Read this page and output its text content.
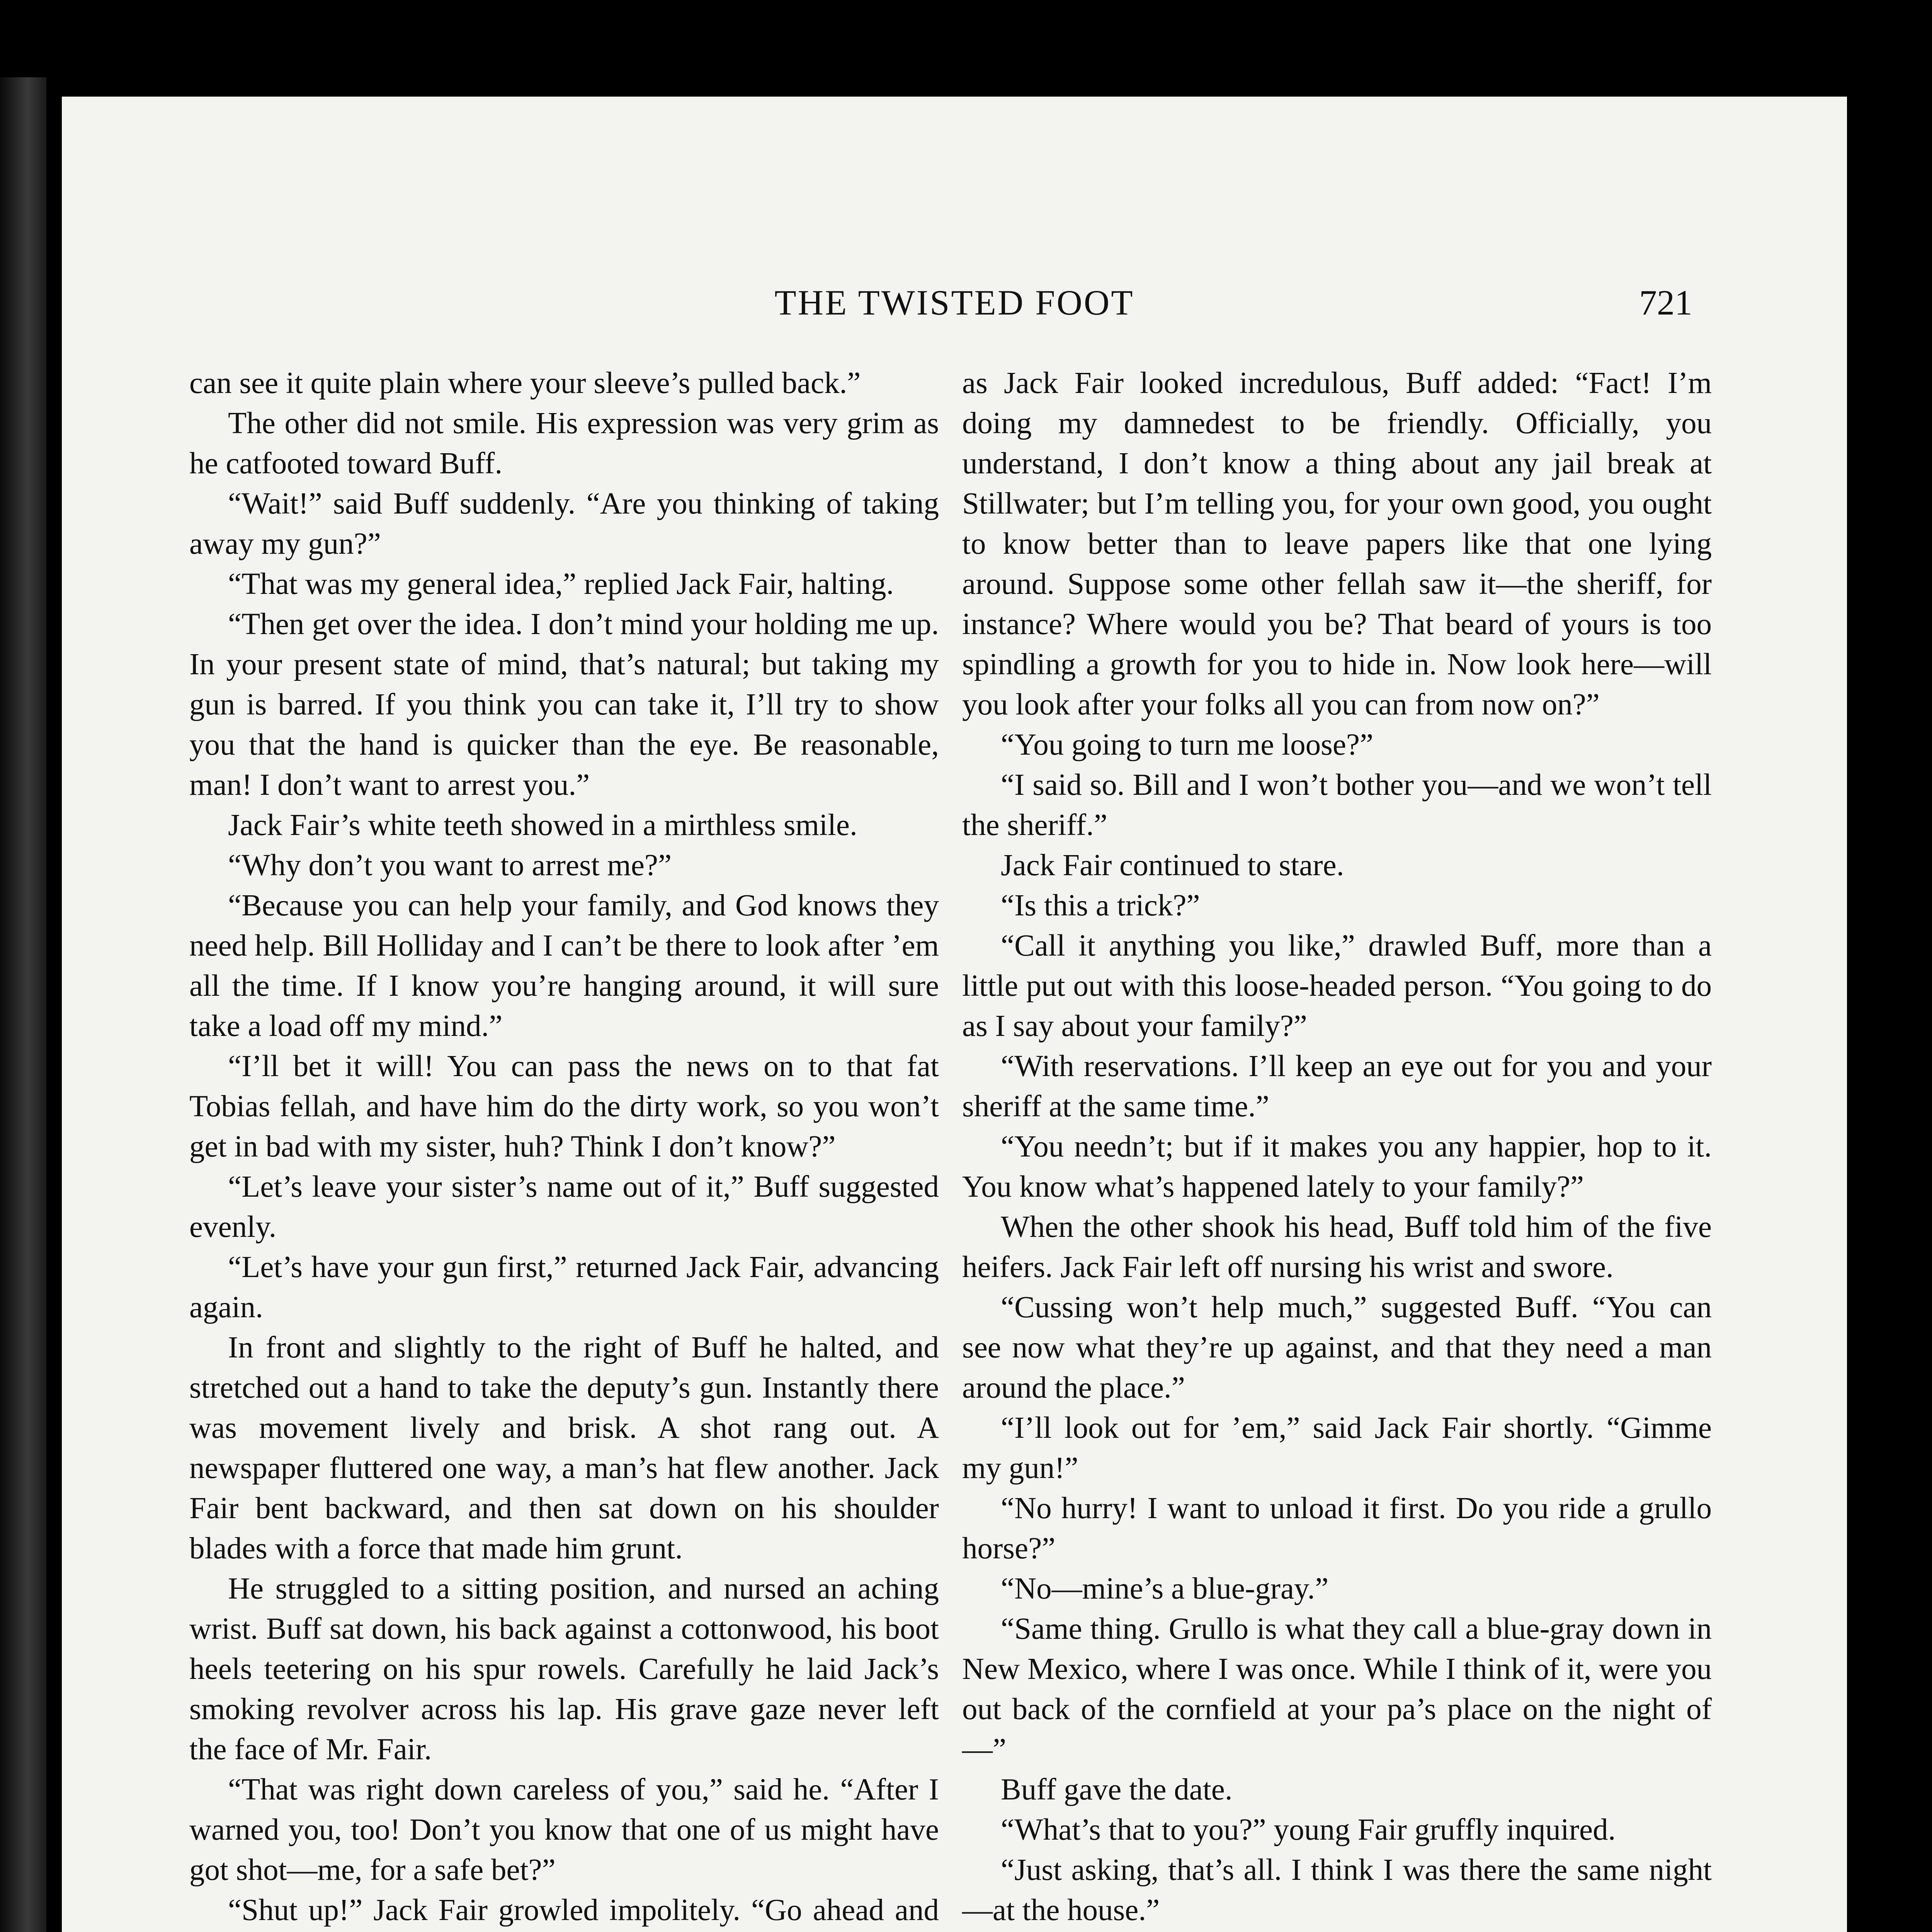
THE TWISTED FOOT	721

can see it quite plain where your sleeve’s pulled back.”

The other did not smile. His expression was very grim as he catfooted toward Buff.

“Wait!” said Buff suddenly. “Are you thinking of taking away my gun?”

“That was my general idea,” replied Jack Fair, halting.

“Then get over the idea. I don’t mind your holding me up. In your present state of mind, that’s natural; but taking my gun is barred. If you think you can take it, I’ll try to show you that the hand is quicker than the eye. Be reasonable, man! I don’t want to arrest you.”

Jack Fair’s white teeth showed in a mirthless smile.

“Why don’t you want to arrest me?”

“Because you can help your family, and God knows they need help. Bill Holliday and I can’t be there to look after ’em all the time. If I know you’re hanging around, it will sure take a load off my mind.”

“I’ll bet it will! You can pass the news on to that fat Tobias fellah, and have him do the dirty work, so you won’t get in bad with my sister, huh? Think I don’t know?”

“Let’s leave your sister’s name out of it,” Buff suggested evenly.

“Let’s have your gun first,” returned Jack Fair, advancing again.

In front and slightly to the right of Buff he halted, and stretched out a hand to take the deputy’s gun. Instantly there was movement lively and brisk. A shot rang out. A newspaper fluttered one way, a man’s hat flew another. Jack Fair bent backward, and then sat down on his shoulder blades with a force that made him grunt.

He struggled to a sitting position, and nursed an aching wrist. Buff sat down, his back against a cottonwood, his boot heels teetering on his spur rowels. Carefully he laid Jack’s smoking revolver across his lap. His grave gaze never left the face of Mr. Fair.

“That was right down careless of you,” said he. “After I warned you, too! Don’t you know that one of us might have got shot—me, for a safe bet?”

“Shut up!” Jack Fair growled impolitely. “Go ahead and

as Jack Fair looked incredulous, Buff added: “Fact! I’m doing my damnedest to be friendly. Officially, you understand, I don’t know a thing about any jail break at Stillwater; but I’m telling you, for your own good, you ought to know better than to leave papers like that one lying around. Suppose some other fellah saw it—the sheriff, for instance? Where would you be? That beard of yours is too spindling a growth for you to hide in. Now look here—will you look after your folks all you can from now on?”

“You going to turn me loose?”

“I said so. Bill and I won’t bother you—and we won’t tell the sheriff.”

Jack Fair continued to stare.

“Is this a trick?”

“Call it anything you like,” drawled Buff, more than a little put out with this loose-headed person. “You going to do as I say about your family?”

“With reservations. I’ll keep an eye out for you and your sheriff at the same time.”

“You needn’t; but if it makes you any happier, hop to it. You know what’s happened lately to your family?”

When the other shook his head, Buff told him of the five heifers. Jack Fair left off nursing his wrist and swore.

“Cussing won’t help much,” suggested Buff. “You can see now what they’re up against, and that they need a man around the place.”

“I’ll look out for ’em,” said Jack Fair shortly. “Gimme my gun!”

“No hurry! I want to unload it first. Do you ride a grullo horse?”

“No—mine’s a blue-gray.”

“Same thing. Grullo is what they call a blue-gray down in New Mexico, where I was once. While I think of it, were you out back of the cornfield at your pa’s place on the night of—”

Buff gave the date.

“What’s that to you?” young Fair gruffly inquired.

“Just asking, that’s all. I think I was there the same night—at the house.”
